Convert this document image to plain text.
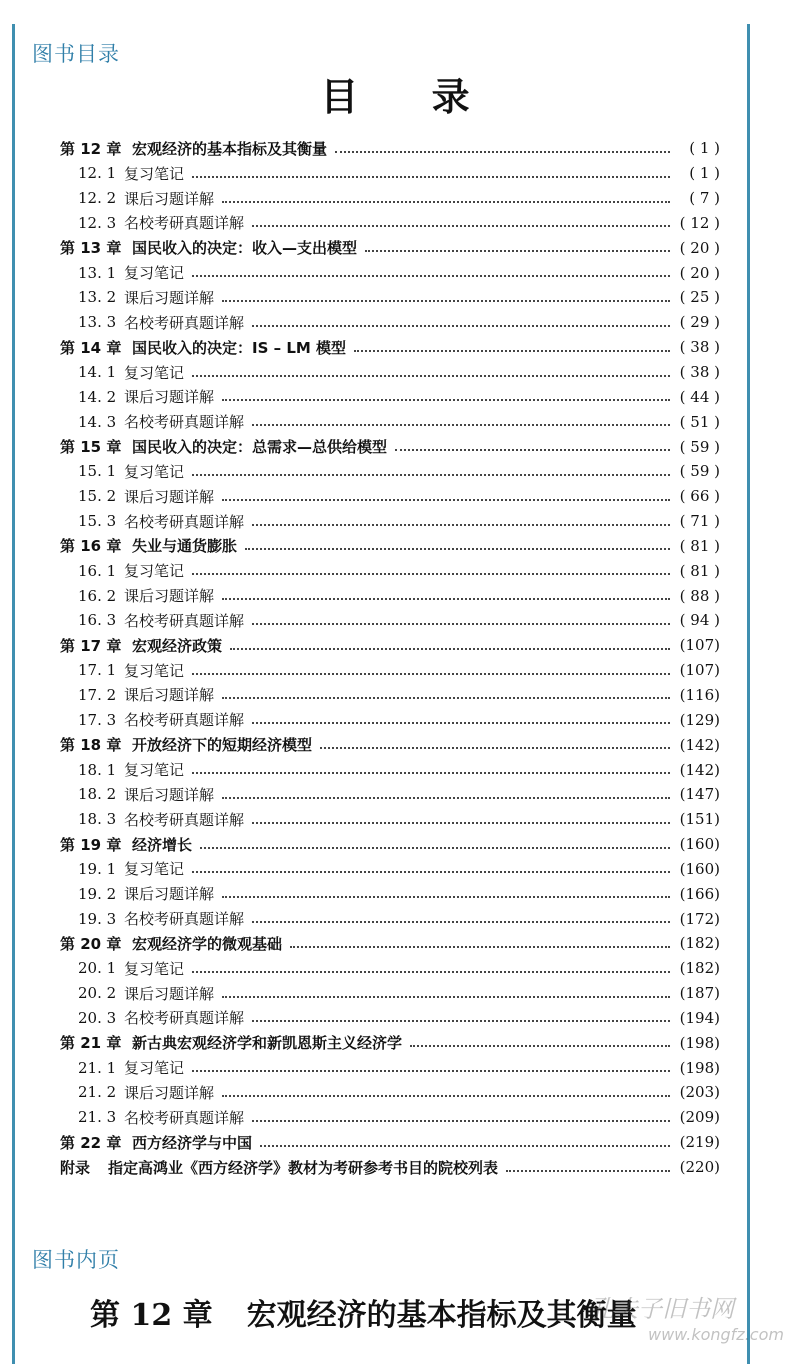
图书目录
目 录
第 12 章 宏观经济的基本指标及其衡量	( 1 )
12. 1 复习笔记	( 1 )
12. 2 课后习题详解	( 7 )
12. 3 名校考研真题详解	( 12 )
第 13 章 国民收入的决定：收入—支出模型	( 20 )
13. 1 复习笔记	( 20 )
13. 2 课后习题详解	( 25 )
13. 3 名校考研真题详解	( 29 )
第 14 章 国民收入的决定：IS – LM 模型	( 38 )
14. 1 复习笔记	( 38 )
14. 2 课后习题详解	( 44 )
14. 3 名校考研真题详解	( 51 )
第 15 章 国民收入的决定：总需求—总供给模型	( 59 )
15. 1 复习笔记	( 59 )
15. 2 课后习题详解	( 66 )
15. 3 名校考研真题详解	( 71 )
第 16 章 失业与通货膨胀	( 81 )
16. 1 复习笔记	( 81 )
16. 2 课后习题详解	( 88 )
16. 3 名校考研真题详解	( 94 )
第 17 章 宏观经济政策	(107)
17. 1 复习笔记	(107)
17. 2 课后习题详解	(116)
17. 3 名校考研真题详解	(129)
第 18 章 开放经济下的短期经济模型	(142)
18. 1 复习笔记	(142)
18. 2 课后习题详解	(147)
18. 3 名校考研真题详解	(151)
第 19 章 经济增长	(160)
19. 1 复习笔记	(160)
19. 2 课后习题详解	(166)
19. 3 名校考研真题详解	(172)
第 20 章 宏观经济学的微观基础	(182)
20. 1 复习笔记	(182)
20. 2 课后习题详解	(187)
20. 3 名校考研真题详解	(194)
第 21 章 新古典宏观经济学和新凯恩斯主义经济学	(198)
21. 1 复习笔记	(198)
21. 2 课后习题详解	(203)
21. 3 名校考研真题详解	(209)
第 22 章 西方经济学与中国	(219)
附录	指定高鸿业《西方经济学》教材为考研参考书目的院校列表	(220)
图书内页
第 12 章 宏观经济的基本指标及其衡量
孔夫子旧书网
www.kongfz.com
